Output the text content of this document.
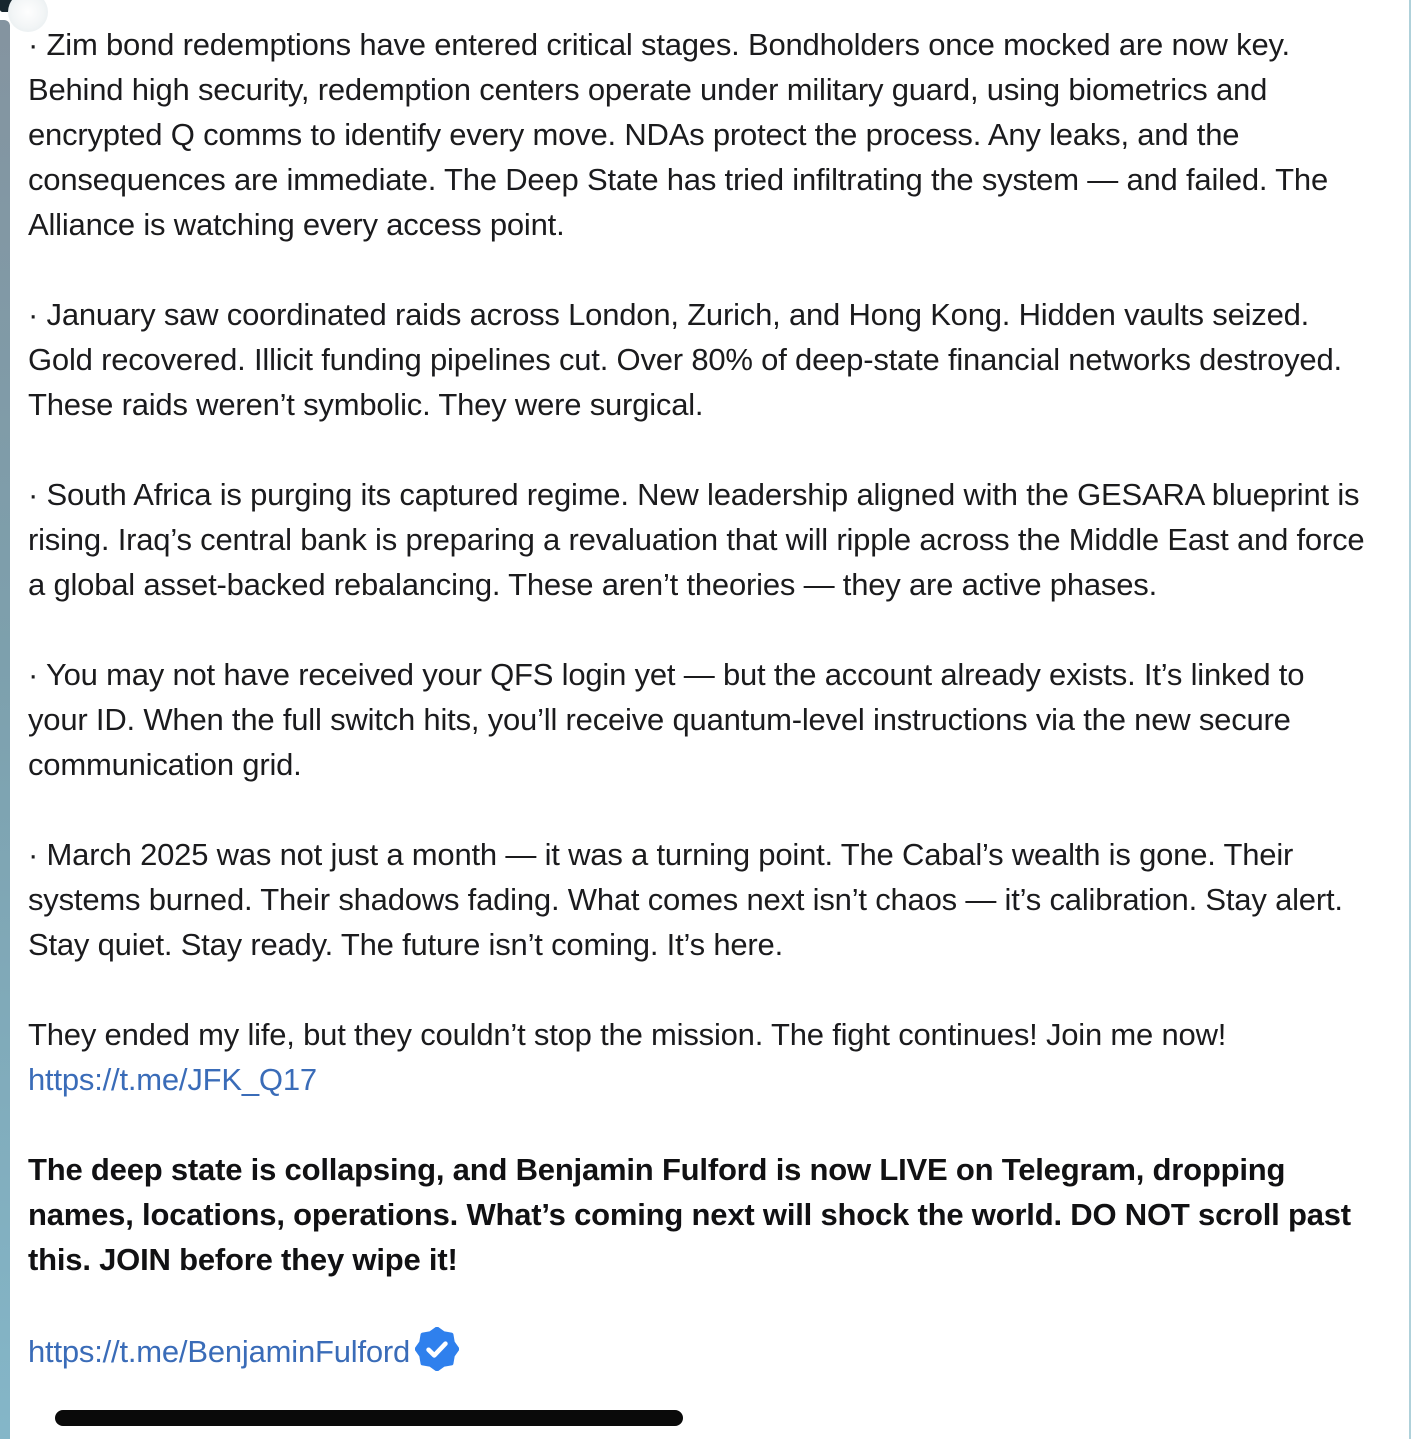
· Zim bond redemptions have entered critical stages. Bondholders once mocked are now key. Behind high security, redemption centers operate under military guard, using biometrics and encrypted Q comms to identify every move. NDAs protect the process. Any leaks, and the consequences are immediate. The Deep State has tried infiltrating the system — and failed. The Alliance is watching every access point.

· January saw coordinated raids across London, Zurich, and Hong Kong. Hidden vaults seized. Gold recovered. Illicit funding pipelines cut. Over 80% of deep-state financial networks destroyed. These raids weren’t symbolic. They were surgical.

· South Africa is purging its captured regime. New leadership aligned with the GESARA blueprint is rising. Iraq’s central bank is preparing a revaluation that will ripple across the Middle East and force a global asset-backed rebalancing. These aren’t theories — they are active phases.

· You may not have received your QFS login yet — but the account already exists. It’s linked to your ID. When the full switch hits, you’ll receive quantum-level instructions via the new secure communication grid.

· March 2025 was not just a month — it was a turning point. The Cabal’s wealth is gone. Their systems burned. Their shadows fading. What comes next isn’t chaos — it’s calibration. Stay alert. Stay quiet. Stay ready. The future isn’t coming. It’s here.

They ended my life, but they couldn’t stop the mission. The fight continues! Join me now!
https://t.me/JFK_Q17

The deep state is collapsing, and Benjamin Fulford is now LIVE on Telegram, dropping names, locations, operations. What’s coming next will shock the world. DO NOT scroll past this. JOIN before they wipe it!

https://t.me/BenjaminFulford
